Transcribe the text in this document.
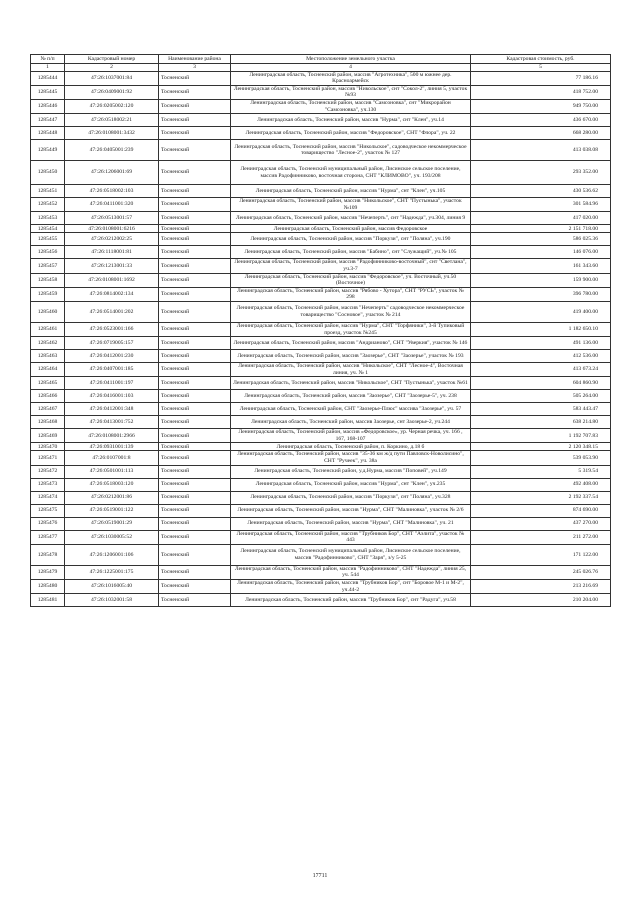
№ п/п	Кадастровый номер	Наименование района	Местоположение земельного участка	Кадастровая стоимость, руб.
1	2	3	4	5
1285444	47:26:1037001:84	Тосненский	Ленинградская область, Тосненский район, массив "Агротехника", 500 м южнее дер. Красноармейск	77 186.16
1285445	47:26:0409001:92	Тосненский	Ленинградская область, Тосненский район, массив "Никольское", снт "Сокол-2", линия 5, участок №93	418 752.00
1285446	47:26:0205002:120	Тосненский	Ленинградская область, Тосненский район, массив "Самсоновка", снт "Микрорайон "Самсоновка", уч.130	949 750.00
1285447	47:26:0518002:21	Тосненский	Ленинградская область, Тосненский район, массив "Нурма", снт "Клен", уч.14	436 670.00
1285448	47:26:0108001:3432	Тосненский	Ленинградская область, Тосненский район, массив "Федоровское", СНТ "Флора", уч. 22	668 280.00
1285449	47:26:0405001:239	Тосненский	Ленинградская область, Тосненский район, массив "Никольское", садоводческое некоммерческое товарищество "Лесное-2", участок № 127	413 038.08
1285450	47:26:1206001:69	Тосненский	Ленинградская область, Тосненский муниципальный район, Лисинское сельское поселение, массив Радофинниково, восточная сторона, СНТ "КЛИМОВО", уч. 193/208	293 352.00
1285451	47:26:0518002:103	Тосненский	Ленинградская область, Тосненский район, массив "Нурма", снт "Клен", уч.105	430 536.62
1285452	47:26:0411001:320	Тосненский	Ленинградская область, Тосненский район, массив "Никольское", СНТ "Пустынька", участок №109	301 584.96
1285453	47:26:0513001:57	Тосненский	Ленинградская область, Тосненский район, массив "Нечеперть", снт "Надежда", уч.304, линия 9	417 020.00
1285454	47:26:0108001:6216	Тосненский	Ленинградская область, Тосненский район, массив Федоровское	2 151 718.00
1285455	47:26:0212002:25	Тосненский	Ленинградская область, Тосненский район, массив "Поркузи", снт "Поляна", уч.190	586 025.36
1285456	47:26:1118001:81	Тосненский	Ленинградская область, Тосненский район, массив "Бабино", снт "Служащий", уч.№ 105	146 076.00
1285457	47:26:1213001:33	Тосненский	Ленинградская область, Тосненский район, массив "Радофинниково-восточный", снт "Светлана", уч.3-7	161 343.60
1285458	47:26:0108001:1692	Тосненский	Ленинградская область, Тосненский район, массив "Федоровское", уч. Восточный, уч.50 (Восточное)	159 900.00
1285459	47:26:0814002:134	Тосненский	Ленинградская область, Тосненский район, массив "Рябово - Хутора", СНТ "РУСЬ", участок № 298	396 780.00
1285460	47:26:0514001:202	Тосненский	Ленинградская область, Тосненский район, массив "Нечеперть" садоводческое некоммерческое товарищество "Сосновое", участок № 214	419 400.00
1285461	47:26:0523001:166	Тосненский	Ленинградская область, Тосненский район, массив "Нурма", СНТ "Торфяники", 3-й Тупиковый проезд, участок №245	1 182 650.10
1285462	47:26:0719005:157	Тосненский	Ленинградская область, Тосненский район, массив "Андрианово", СНТ "Уверкия", участок № 146	491 136.00
1285463	47:26:0412001:230	Тосненский	Ленинградская область, Тосненский район, массив "Заозерье", СНТ "Заозерье", участок № 193	412 536.00
1285464	47:26:0407001:185	Тосненский	Ленинградская область, Тосненский район, массив "Никольское", СНТ "Лесное-4", Восточная линия, уч. № 1	413 673.24
1285465	47:26:0411001:197	Тосненский	Ленинградская область, Тосненский район, массив "Никольское", СНТ "Пустынька", участок №61	604 860.90
1285466	47:26:0416001:103	Тосненский	Ленинградская область, Тосненский район, массив "Заозерье", СНТ "Заозерье-5", уч. 238	505 264.00
1285467	47:26:0412001:348	Тосненский	Ленинградская область, Тосненский район, СНТ "Заозерье-Плюс" массива "Заозерье", уч. 57	583 443.47
1285468	47:26:0413001:752	Тосненский	Ленинградская область, Тосненский район, массив Заозерье, снт Заозерье-2, уч.244	638 214.80
1285469	47:26:0108001:2966	Тосненский	Ленинградская область, Тосненский район, массив «Федоровское», ур. Черная речка, уч. 166 , 167, 168-107	1 192 707.83
1285470	47:26:0931001:139	Тосненский	Ленинградская область, Тосненский район, п. Коркино, д.18 б	2 120 348.15
1285471	47:26:0107001:8	Тосненский	Ленинградская область, Тосненский район, массив "35-36 км ж/д пути Павловск-Новолисино", СНТ "Ручеек", уч. 38а	539 053.90
1285472	47:26:0501001:113	Тосненский	Ленинградская область, Тосненский район, у.д.Нурма, массив "Поповей", уч.149	5 319.54
1285473	47:26:0518003:120	Тосненский	Ленинградская область, Тосненский район, массив "Нурма", снт "Клен", уч.235	492 408.00
1285474	47:26:0212001:86	Тосненский	Ленинградская область, Тосненский район, массив "Поркузи", снт "Поляна", уч.328	2 192 337.54
1285475	47:26:0519001:122	Тосненский	Ленинградская область, Тосненский район, массив "Нурма", СНТ "Малиновка", участок № 2/6	874 690.00
1285476	47:26:0519001:29	Тосненский	Ленинградская область, Тосненский район, массив "Нурма", СНТ "Малиновка", уч. 21	437 270.00
1285477	47:26:1030005:52	Тосненский	Ленинградская область, Тосненский район, массив "Трубников Бор", СНТ "Аэлита", участок № 443	211 272.00
1285478	47:26:1206001:106	Тосненский	Ленинградская область, Тосненский муниципальный район, Лисинское сельское поселение, массив "Радофинниково", СНТ "Заря", з/у 5-25	171 122.00
1285479	47:26:1225001:175	Тосненский	Ленинградская область, Тосненский район, массив "Радофинниково", СНТ "Надежда", линия 25, уч. 544	245 026.76
1285480	47:26:1016005:40	Тосненский	Ленинградская область, Тосненский район, массив "Трубников Бор", снт "Боровое М-1 и М-2", уч.44-2	213 216.69
1285481	47:26:1032001:58	Тосненский	Ленинградская область, Тосненский район, массив "Трубников Бор", снт "Радуга", уч.58	210 204.00
17711
